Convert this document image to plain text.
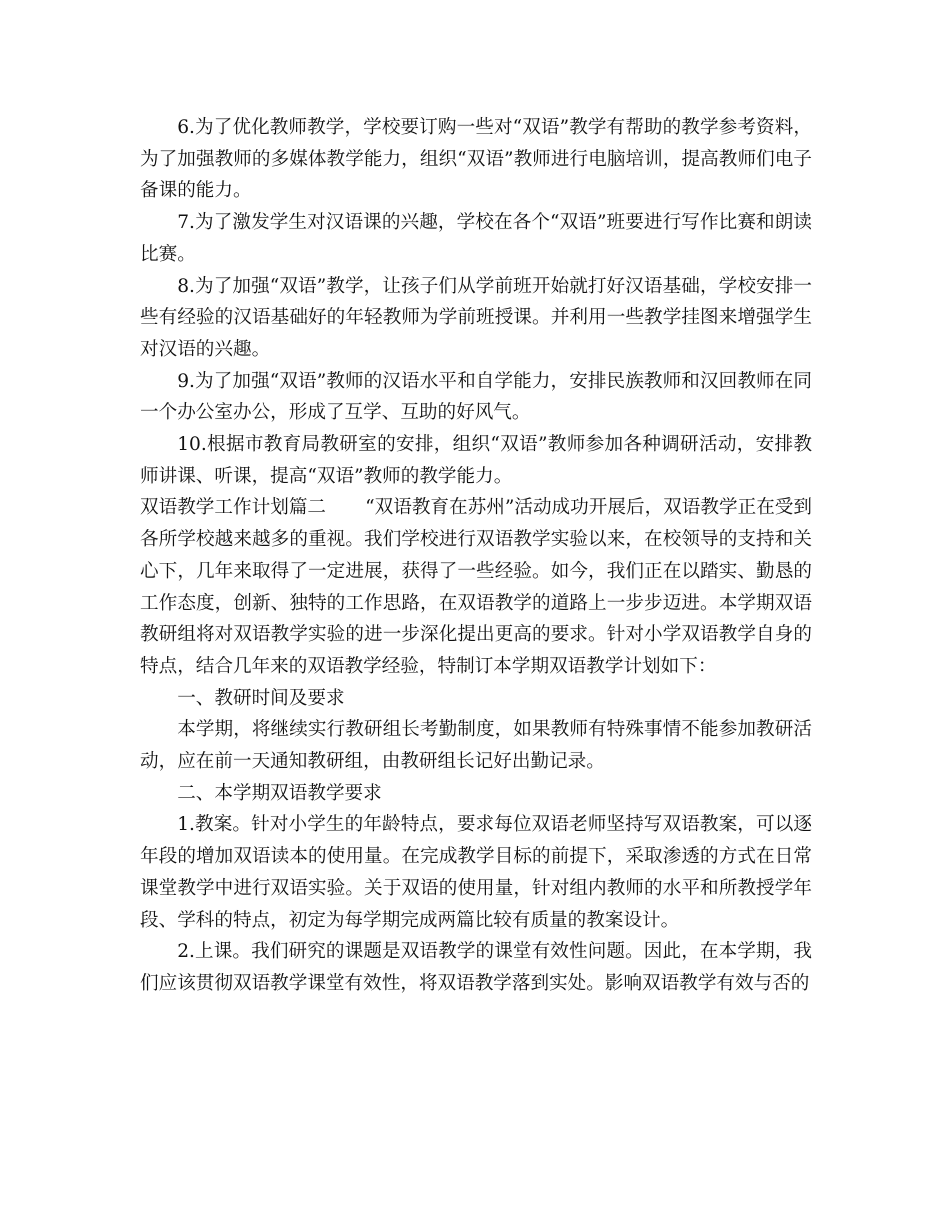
6.为了优化教师教学，学校要订购一些对“双语”教学有帮助的教学参考资料，为了加强教师的多媒体教学能力，组织“双语”教师进行电脑培训，提高教师们电子备课的能力。

7.为了激发学生对汉语课的兴趣，学校在各个“双语”班要进行写作比赛和朗读比赛。

8.为了加强“双语”教学，让孩子们从学前班开始就打好汉语基础，学校安排一些有经验的汉语基础好的年轻教师为学前班授课。并利用一些教学挂图来增强学生对汉语的兴趣。

9.为了加强“双语”教师的汉语水平和自学能力，安排民族教师和汉回教师在同一个办公室办公，形成了互学、互助的好风气。

10.根据市教育局教研室的安排，组织“双语”教师参加各种调研活动，安排教师讲课、听课，提高“双语”教师的教学能力。

双语教学工作计划篇二 “双语教育在苏州”活动成功开展后，双语教学正在受到各所学校越来越多的重视。我们学校进行双语教学实验以来，在校领导的支持和关心下，几年来取得了一定进展，获得了一些经验。如今，我们正在以踏实、勤恳的工作态度，创新、独特的工作思路，在双语教学的道路上一步步迈进。本学期双语教研组将对双语教学实验的进一步深化提出更高的要求。针对小学双语教学自身的特点，结合几年来的双语教学经验，特制订本学期双语教学计划如下：

一、教研时间及要求

本学期，将继续实行教研组长考勤制度，如果教师有特殊事情不能参加教研活动，应在前一天通知教研组，由教研组长记好出勤记录。

二、本学期双语教学要求

1.教案。针对小学生的年龄特点，要求每位双语老师坚持写双语教案，可以逐年段的增加双语读本的使用量。在完成教学目标的前提下，采取渗透的方式在日常课堂教学中进行双语实验。关于双语的使用量，针对组内教师的水平和所教授学年段、学科的特点，初定为每学期完成两篇比较有质量的教案设计。

2.上课。我们研究的课题是双语教学的课堂有效性问题。因此，在本学期，我们应该贯彻双语教学课堂有效性，将双语教学落到实处。影响双语教学有效与否的
